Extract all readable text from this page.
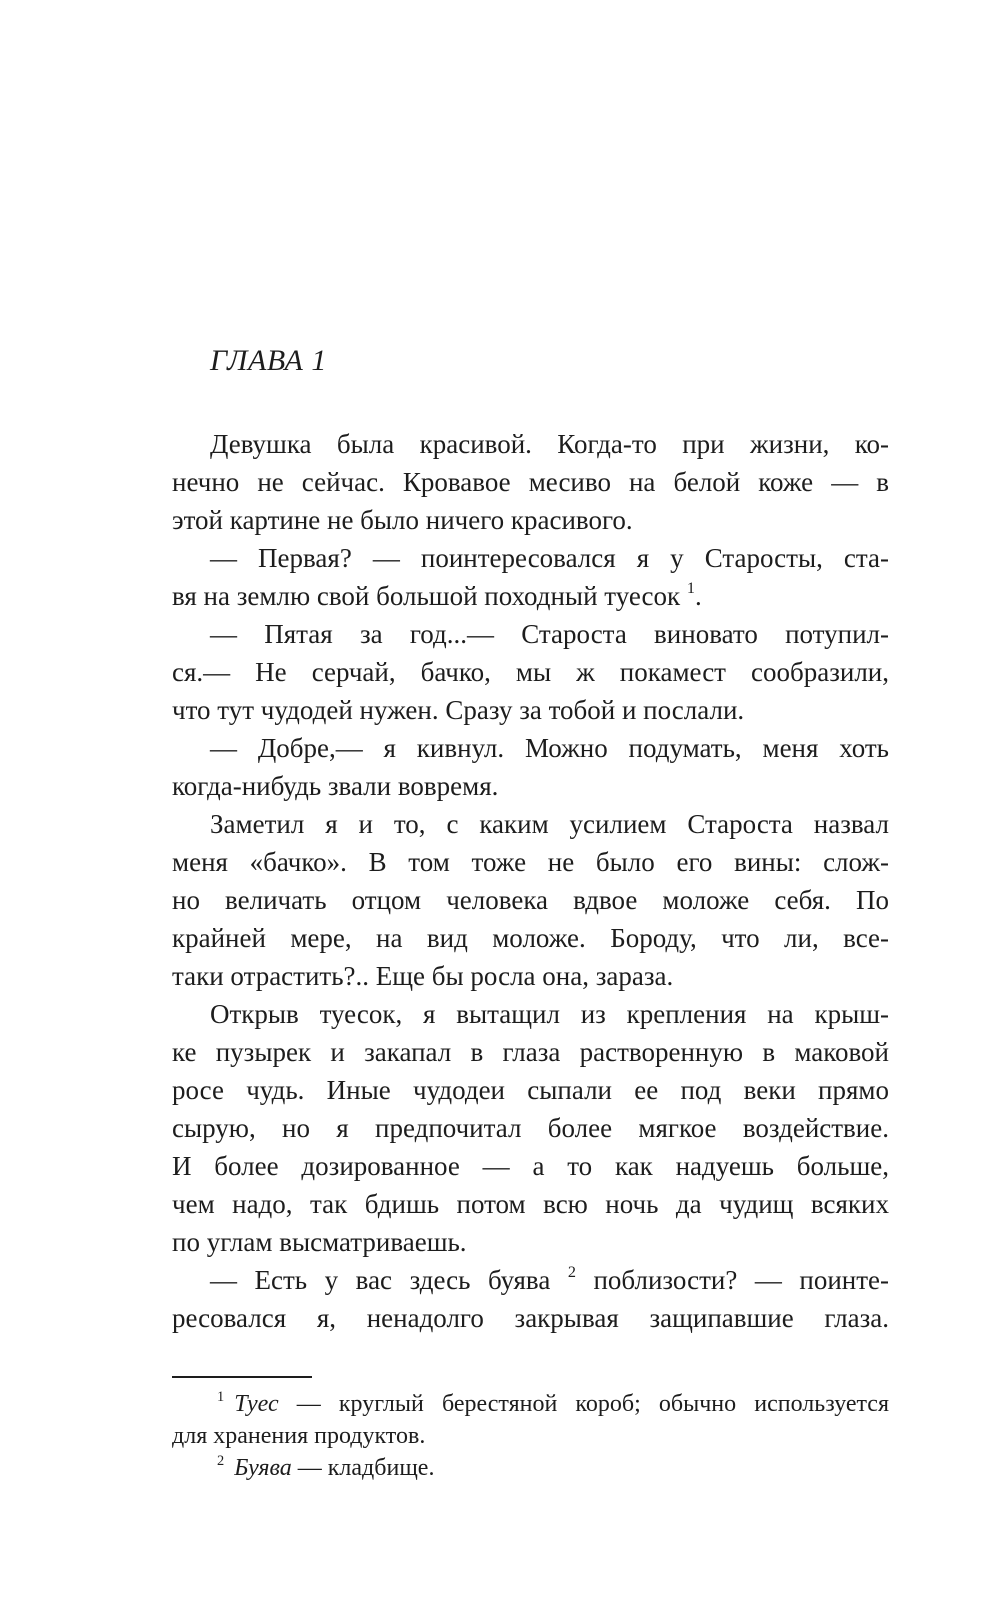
ГЛАВА 1
Девушка была красивой. Когда-то при жизни, ко-
нечно не сейчас. Кровавое месиво на белой коже — в
этой картине не было ничего красивого.
— Первая? — поинтересовался я у Старосты, ста-
вя на землю свой большой походный туесок $^1$.
— Пятая за год...— Староста виновато потупил-
ся.— Не серчай, бачко, мы ж покамест сообразили,
что тут чудодей нужен. Сразу за тобой и послали.
— Добре,— я кивнул. Можно подумать, меня хоть
когда-нибудь звали вовремя.
Заметил я и то, с каким усилием Староста назвал
меня «бачко». В том тоже не было его вины: слож-
но величать отцом человека вдвое моложе себя. По
крайней мере, на вид моложе. Бороду, что ли, все-
таки отрастить?.. Еще бы росла она, зараза.
Открыв туесок, я вытащил из крепления на крыш-
ке пузырек и закапал в глаза растворенную в маковой
росе чудь. Иные чудодеи сыпали ее под веки прямо
сырую, но я предпочитал более мягкое воздействие.
И более дозированное — а то как надуешь больше,
чем надо, так бдишь потом всю ночь да чудищ всяких
по углам высматриваешь.
— Есть у вас здесь буява $^2$ поблизости? — поинте-
ресовался я, ненадолго закрывая защипавшие глаза.
$^1$ Туес — круглый берестяной короб; обычно используется
для хранения продуктов.
$^2$ Буява — кладбище.
